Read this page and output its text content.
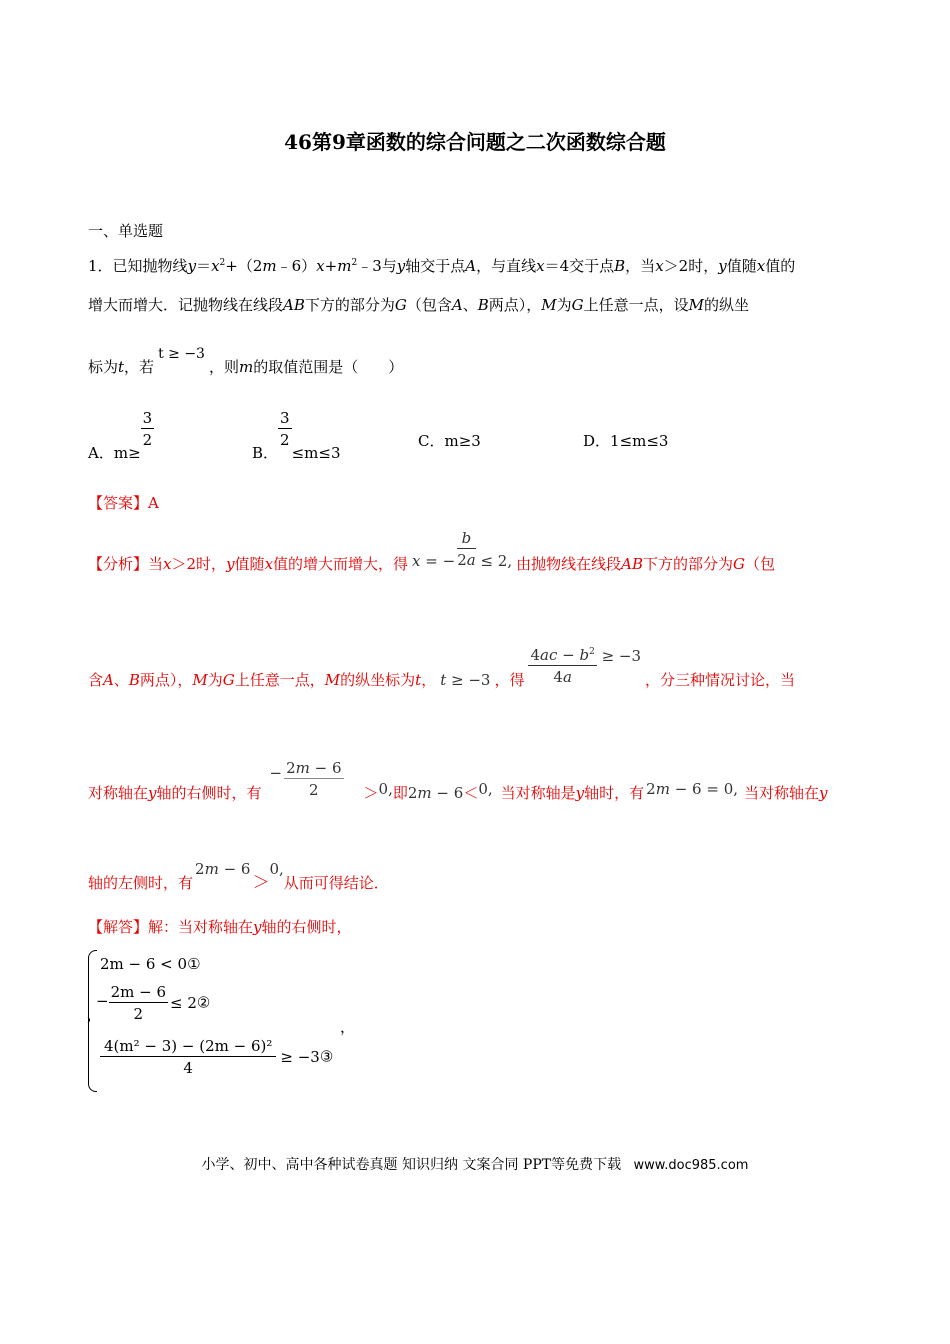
46第9章函数的综合问题之二次函数综合题
一、单选题
1．已知抛物线$y=x^2+(2m﹣6)x+m^2﹣3$与y轴交于点A，与直线x＝4交于点B，当x＞2时，y值随x值的
增大而增大．记抛物线在线段AB下方的部分为G（包含A、B两点），M为G上任意一点，设M的纵坐
标为t，若t ≥ −3，则m的取值范围是（　　）
A．m≥
$\frac{3}{2}$
B．
$\frac{3}{2}$
≤m≤3
C．m≥3	D．1≤m≤3
【答案】A
【分析】当x＞2时，y值随x值的增大而增大，得 x = − $\frac{b}{2a} \le 2$, 由抛物线在线段AB下方的部分为G（包
含A、B两点），M为G上任意一点，M的纵坐标为t， t ≥ −3 ，得 $\frac{4ac - b^2}{4a} \ge -3$，分三种情况讨论，当
对称轴在y轴的右侧时，有− $\frac{2m - 6}{2} >0$,即2m − 6＜0, 当对称轴是y轴时，有 2m − 6 = 0, 当对称轴在y
轴的左侧时，有2m − 6＞0,从而可得结论．
【解答】解：当对称轴在y轴的右侧时，
2m − 6 < 0①
− $\frac{2m - 6}{2}$ ≤ 2②
$\frac{\text{4(m² − 3) − (2m − 6)²}}{4}$ ≥ −3③
，
小学、初中、高中各种试卷真题 知识归纳 文案合同 PPT等免费下载 www.doc985.com
